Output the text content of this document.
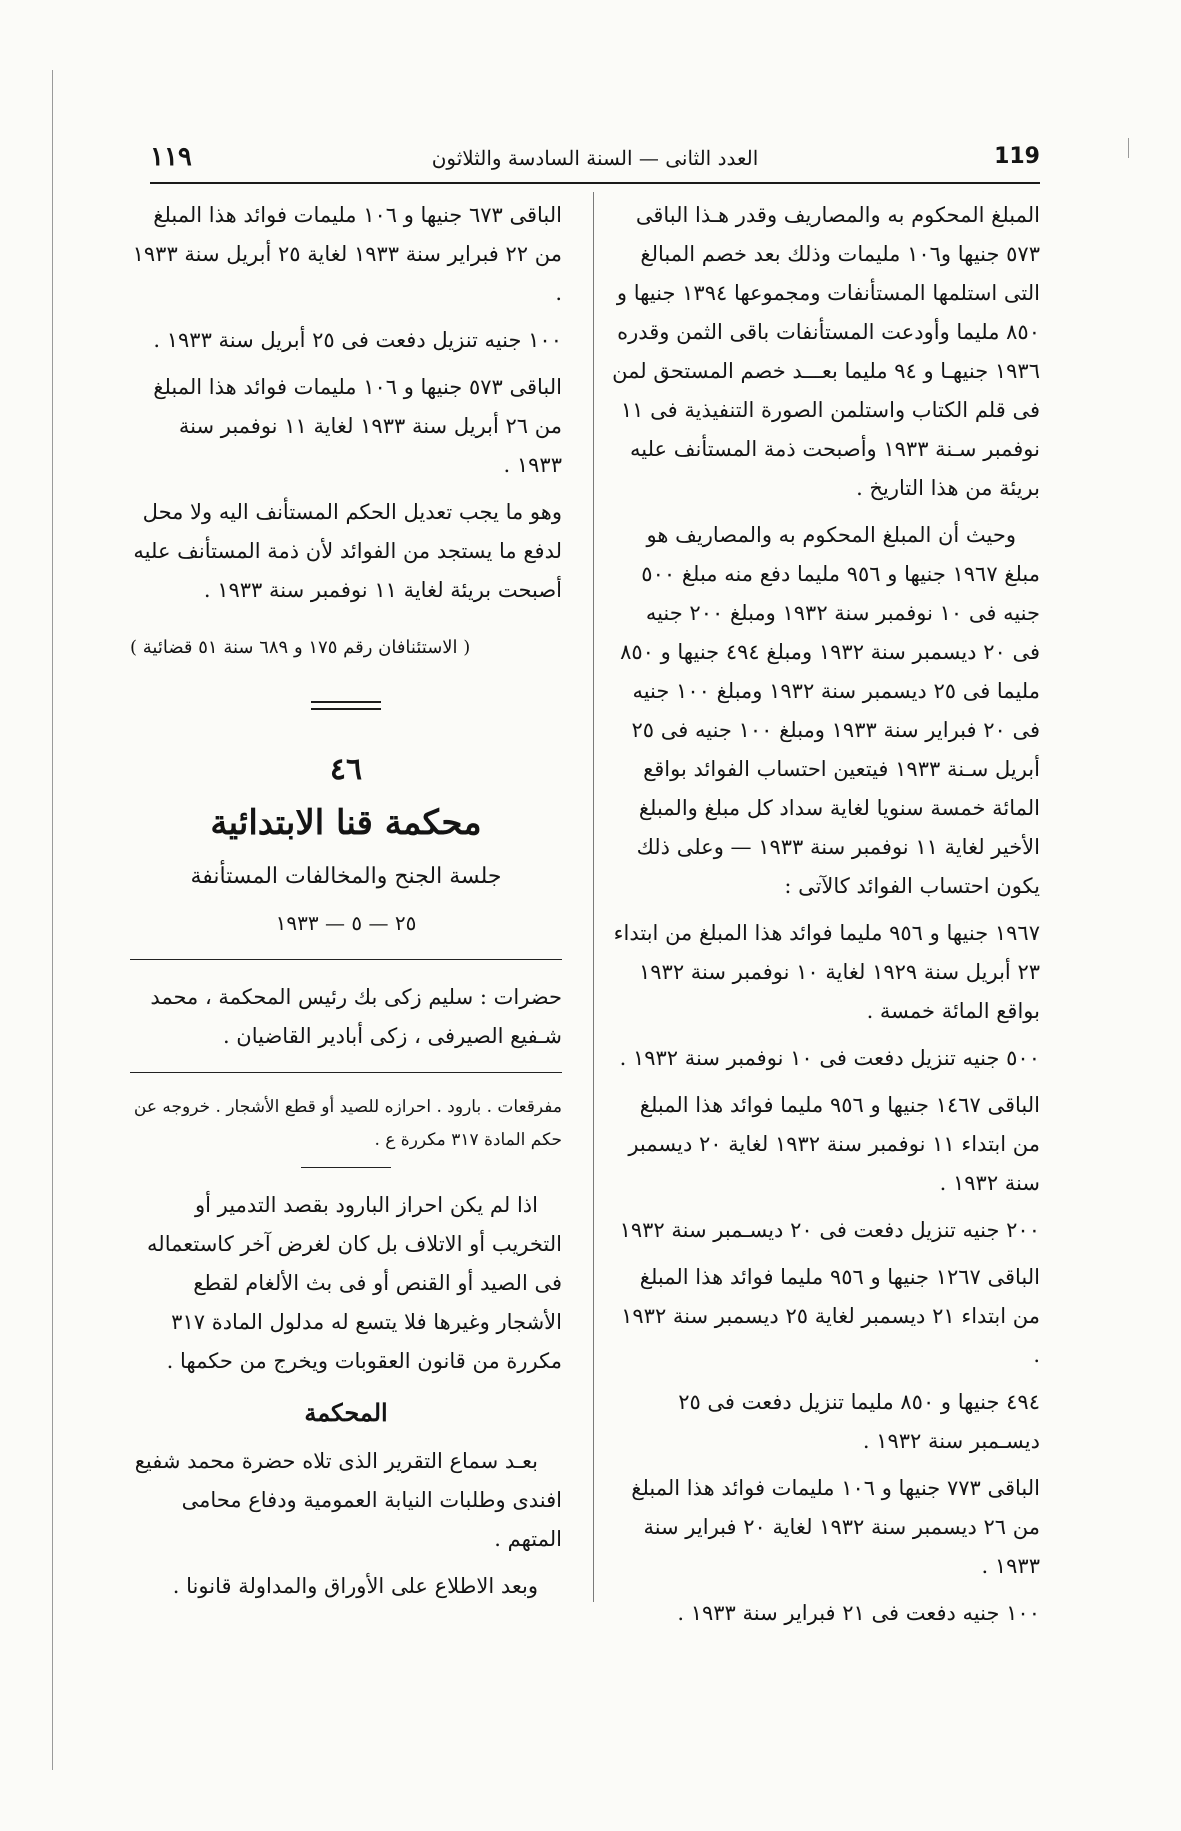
١١٩	العدد الثانى — السنة السادسة والثلاثون	119

المبلغ المحكوم به والمصاريف وقدر هـذا الباقى ٥٧٣ جنيها و١٠٦ مليمات وذلك بعد خصم المبالغ التى استلمها المستأنفات ومجموعها ١٣٩٤ جنيها و ٨٥٠ مليما وأودعت المستأنفات باقى الثمن وقدره ١٩٣٦ جنيهـا و ٩٤ مليما بعـــد خصم المستحق لمن فى قلم الكتاب واستلمن الصورة التنفيذية فى ١١ نوفمبر سـنة ١٩٣٣ وأصبحت ذمة المستأنف عليه بريئة من هذا التاريخ .

وحيث أن المبلغ المحكوم به والمصاريف هو مبلغ ١٩٦٧ جنيها و ٩٥٦ مليما دفع منه مبلغ ٥٠٠ جنيه فى ١٠ نوفمبر سنة ١٩٣٢ ومبلغ ٢٠٠ جنيه فى ٢٠ ديسمبر سنة ١٩٣٢ ومبلغ ٤٩٤ جنيها و ٨٥٠ مليما فى ٢٥ ديسمبر سنة ١٩٣٢ ومبلغ ١٠٠ جنيه فى ٢٠ فبراير سنة ١٩٣٣ ومبلغ ١٠٠ جنيه فى ٢٥ أبريل سـنة ١٩٣٣ فيتعين احتساب الفوائد بواقع المائة خمسة سنويا لغاية سداد كل مبلغ والمبلغ الأخير لغاية ١١ نوفمبر سنة ١٩٣٣ — وعلى ذلك يكون احتساب الفوائد كالآتى :

١٩٦٧ جنيها و ٩٥٦ مليما فوائد هذا المبلغ من ابتداء ٢٣ أبريل سنة ١٩٢٩ لغاية ١٠ نوفمبر سنة ١٩٣٢ بواقع المائة خمسة .

٥٠٠ جنيه تنزيل دفعت فى ١٠ نوفمبر سنة ١٩٣٢ .

الباقى ١٤٦٧ جنيها و ٩٥٦ مليما فوائد هذا المبلغ من ابتداء ١١ نوفمبر سنة ١٩٣٢ لغاية ٢٠ ديسمبر سنة ١٩٣٢ .

٢٠٠ جنيه تنزيل دفعت فى ٢٠ ديسـمبر سنة ١٩٣٢

الباقى ١٢٦٧ جنيها و ٩٥٦ مليما فوائد هذا المبلغ من ابتداء ٢١ ديسمبر لغاية ٢٥ ديسمبر سنة ١٩٣٢ .

٤٩٤ جنيها و ٨٥٠ مليما تنزيل دفعت فى ٢٥ ديسـمبر سنة ١٩٣٢ .

الباقى ٧٧٣ جنيها و ١٠٦ مليمات فوائد هذا المبلغ من ٢٦ ديسمبر سنة ١٩٣٢ لغاية ٢٠ فبراير سنة ١٩٣٣ .

١٠٠ جنيه دفعت فى ٢١ فبراير سنة ١٩٣٣ .

الباقى ٦٧٣ جنيها و ١٠٦ مليمات فوائد هذا المبلغ من ٢٢ فبراير سنة ١٩٣٣ لغاية ٢٥ أبريل سنة ١٩٣٣ .

١٠٠ جنيه تنزيل دفعت فى ٢٥ أبريل سنة ١٩٣٣ .

الباقى ٥٧٣ جنيها و ١٠٦ مليمات فوائد هذا المبلغ من ٢٦ أبريل سنة ١٩٣٣ لغاية ١١ نوفمبر سنة ١٩٣٣ .

وهو ما يجب تعديل الحكم المستأنف اليه ولا محل لدفع ما يستجد من الفوائد لأن ذمة المستأنف عليه أصبحت بريئة لغاية ١١ نوفمبر سنة ١٩٣٣ .

( الاستئنافان رقم ١٧٥ و ٦٨٩ سنة ٥١ قضائية )

٤٦

محكمة قنا الابتدائية

جلسة الجنح والمخالفات المستأنفة

٢٥ — ٥ — ١٩٣٣

حضرات : سليم زكى بك رئيس المحكمة ، محمد شـفيع الصيرفى ، زكى أبادير القاضيان .

مفرقعات . بارود . احرازه للصيد أو قطع الأشجار . خروجه عن حكم المادة ٣١٧ مكررة ع .

اذا لم يكن احراز البارود بقصد التدمير أو التخريب أو الاتلاف بل كان لغرض آخر كاستعماله فى الصيد أو القنص أو فى بث الألغام لقطع الأشجار وغيرها فلا يتسع له مدلول المادة ٣١٧ مكررة من قانون العقوبات ويخرج من حكمها .

المحكمة

بعـد سماع التقرير الذى تلاه حضرة محمد شفيع افندى وطلبات النيابة العمومية ودفاع محامى المتهم .

وبعد الاطلاع على الأوراق والمداولة قانونا .
